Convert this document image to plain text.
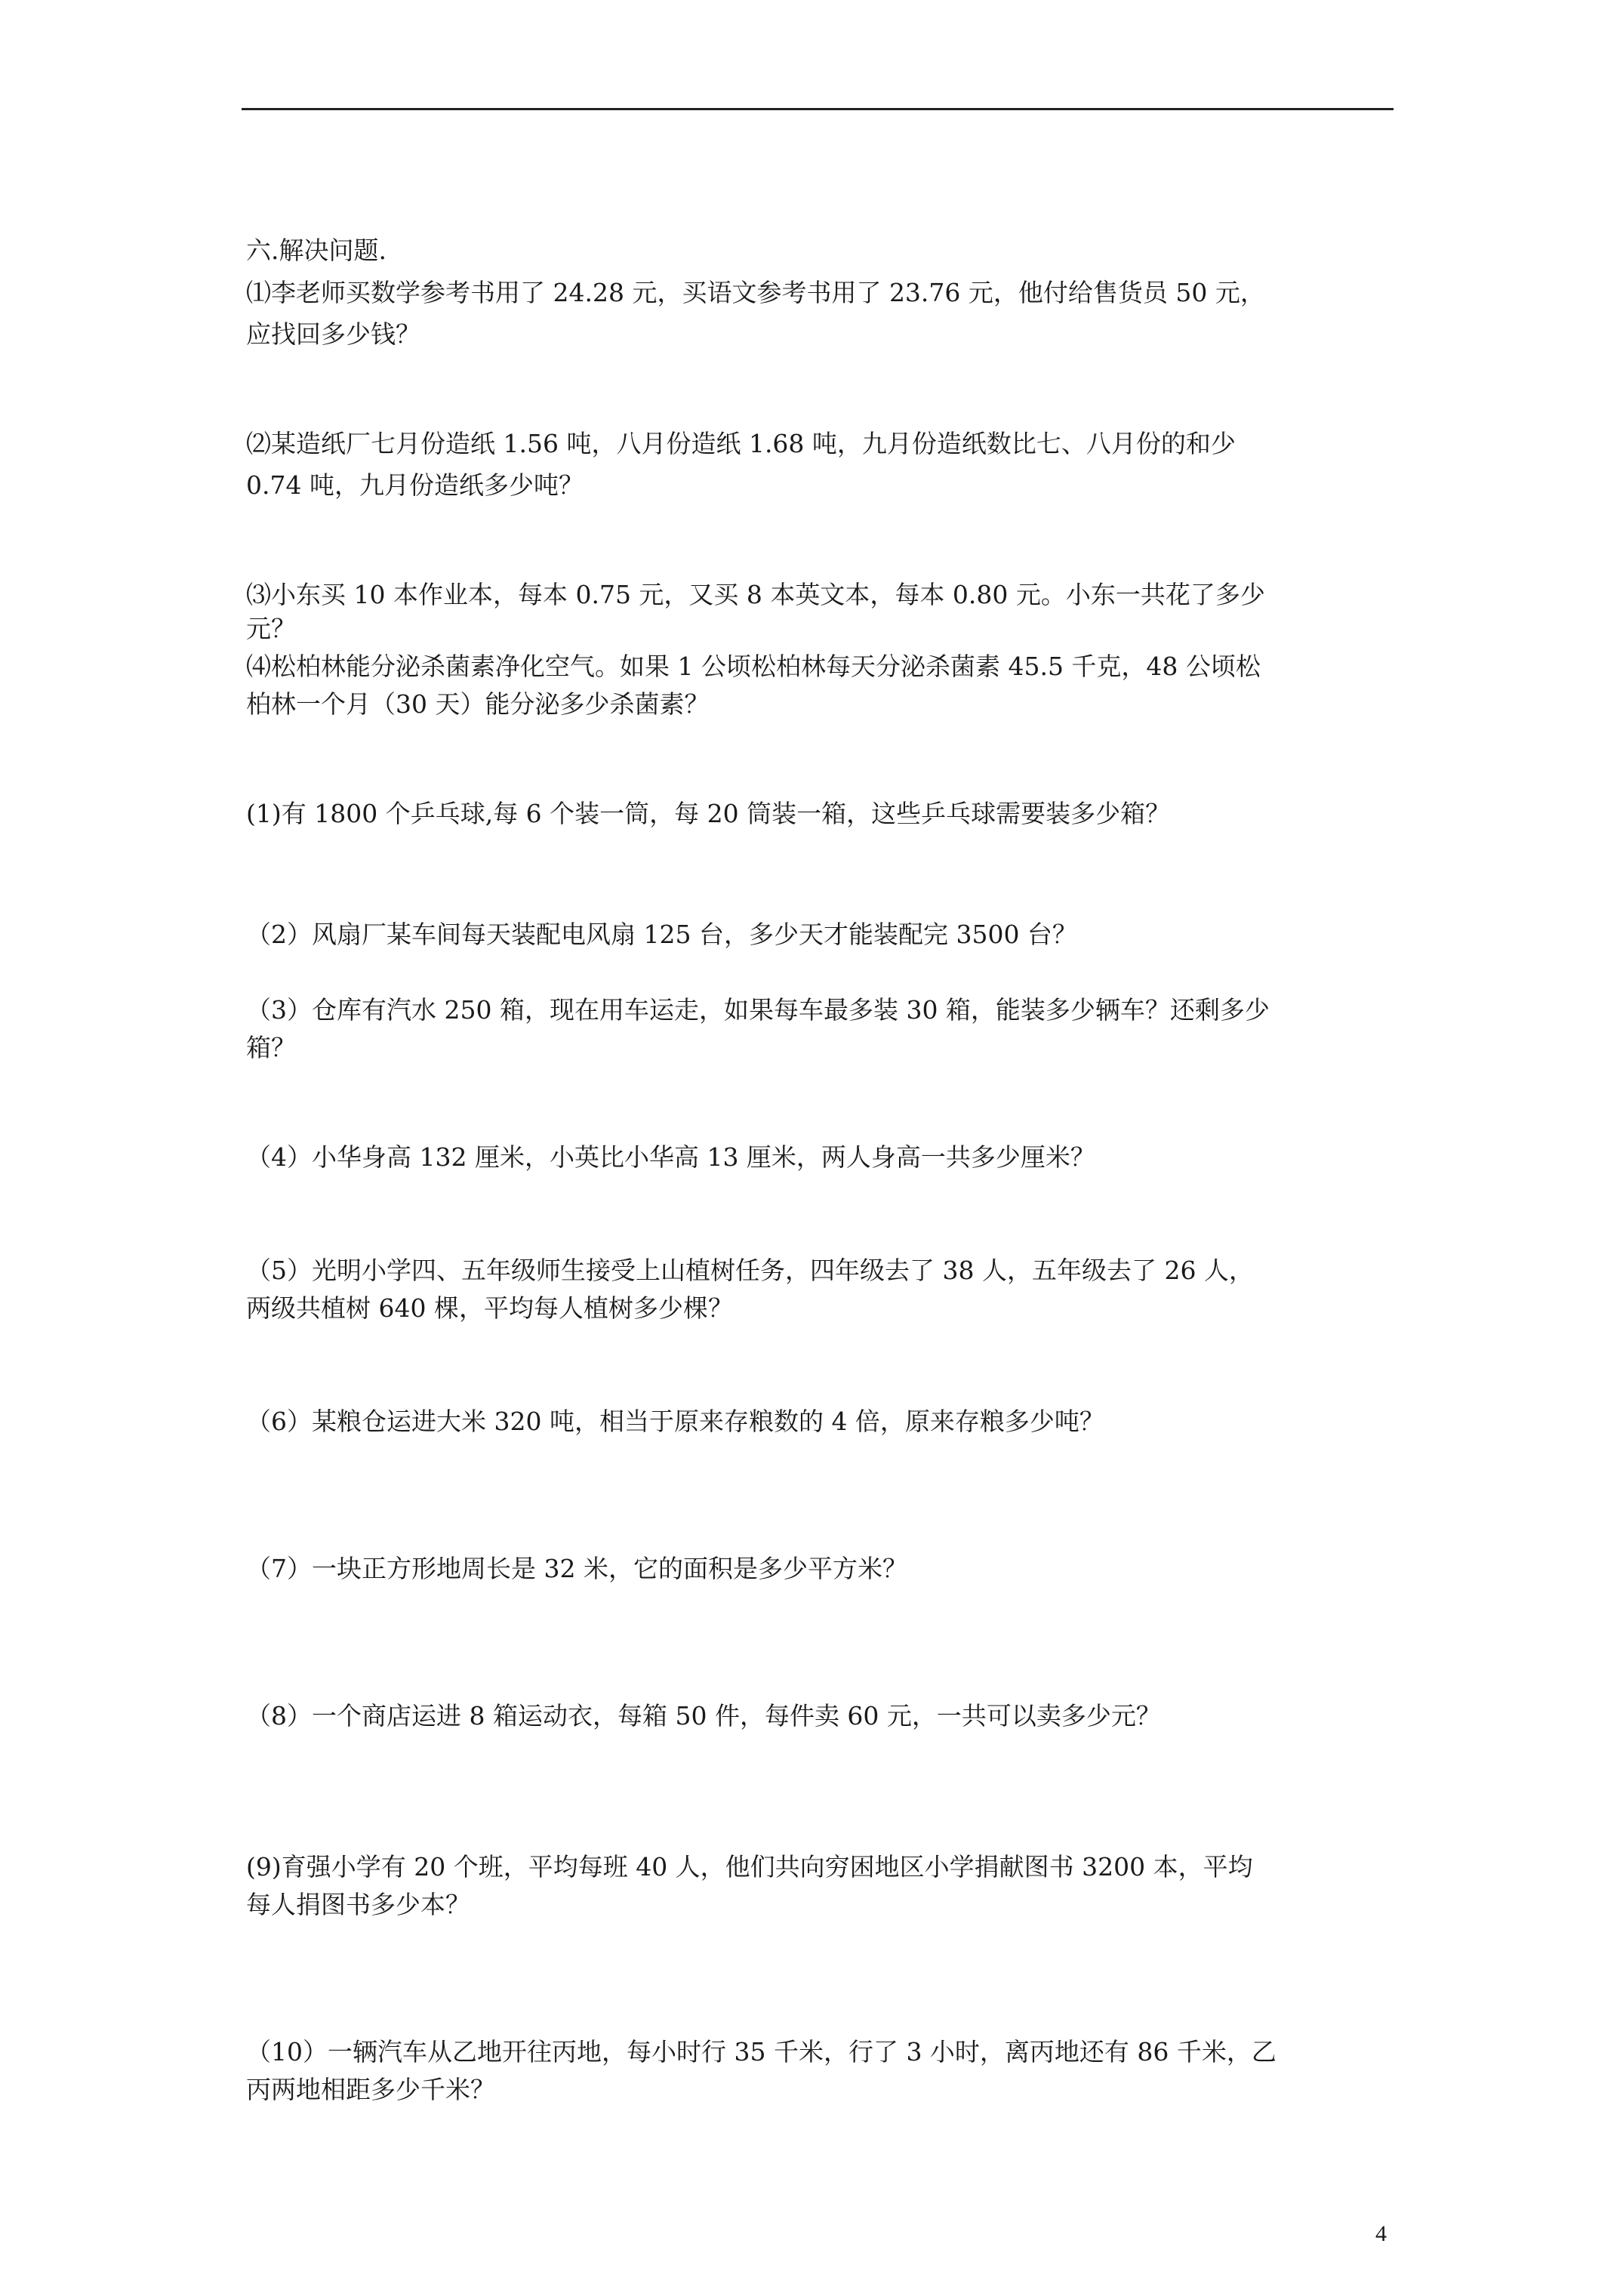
六.解决问题.
⑴李老师买数学参考书用了 24.28 元，买语文参考书用了 23.76 元，他付给售货员 50 元，
应找回多少钱？
⑵某造纸厂七月份造纸 1.56 吨，八月份造纸 1.68 吨，九月份造纸数比七、八月份的和少
0.74 吨，九月份造纸多少吨？
⑶小东买 10 本作业本，每本 0.75 元，又买 8 本英文本，每本 0.80 元。小东一共花了多少
元？
⑷松柏林能分泌杀菌素净化空气。如果 1 公顷松柏林每天分泌杀菌素 45.5 千克，48 公顷松
柏林一个月（30 天）能分泌多少杀菌素？
(1)有 1800 个乒乓球,每 6 个装一筒，每 20 筒装一箱，这些乒乓球需要装多少箱？
（2）风扇厂某车间每天装配电风扇 125 台，多少天才能装配完 3500 台？
（3）仓库有汽水 250 箱，现在用车运走，如果每车最多装 30 箱，能装多少辆车？还剩多少
箱？
（4）小华身高 132 厘米，小英比小华高 13 厘米，两人身高一共多少厘米？
（5）光明小学四、五年级师生接受上山植树任务，四年级去了 38 人，五年级去了 26 人，
两级共植树 640 棵，平均每人植树多少棵？
（6）某粮仓运进大米 320 吨，相当于原来存粮数的 4 倍，原来存粮多少吨？
（7）一块正方形地周长是 32 米，它的面积是多少平方米？
（8）一个商店运进 8 箱运动衣，每箱 50 件，每件卖 60 元，一共可以卖多少元？
(9)育强小学有 20 个班，平均每班 40 人，他们共向穷困地区小学捐献图书 3200 本，平均
每人捐图书多少本？
（10）一辆汽车从乙地开往丙地，每小时行 35 千米，行了 3 小时，离丙地还有 86 千米，乙
丙两地相距多少千米？
4
